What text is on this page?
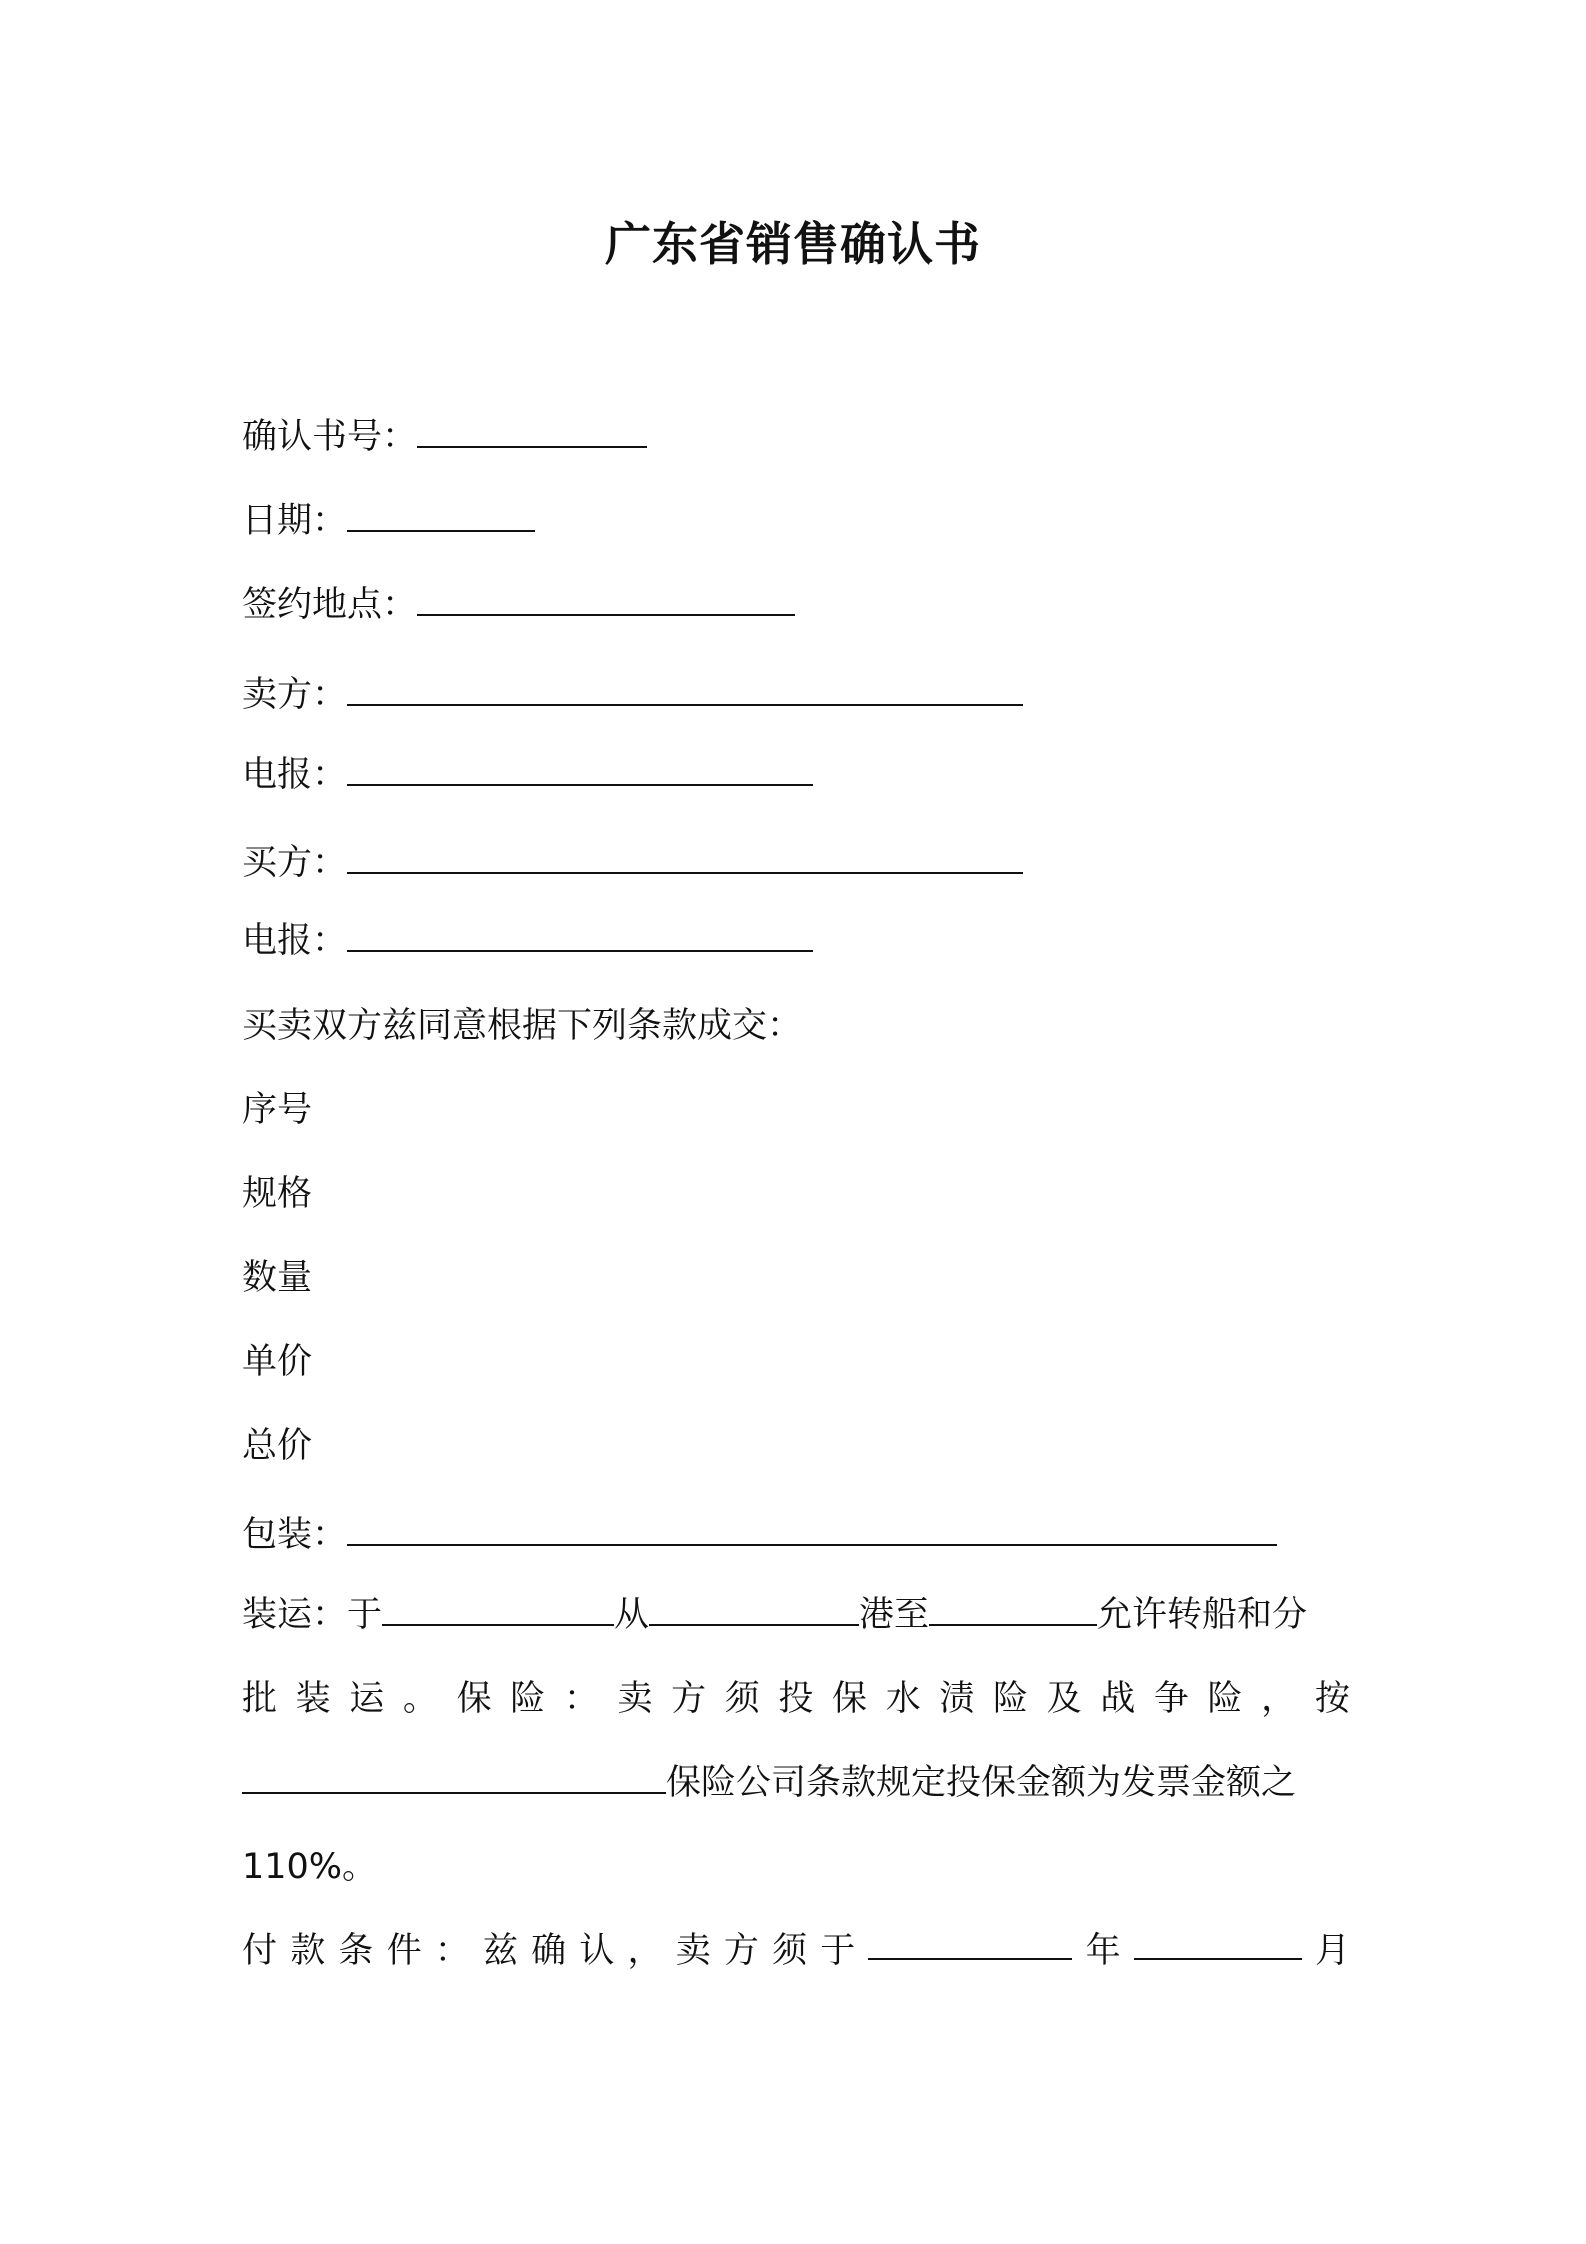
广东省销售确认书
确认书号：
日期：
签约地点：
卖方：
电报：
买方：
电报：
买卖双方兹同意根据下列条款成交：
序号
规格
数量
单价
总价
包装：
装运：于	从	港至	允许转船和分
批 装 运 。 保 险 ： 卖 方 须 投 保 水 渍 险 及 战 争 险 ， 按
保险公司条款规定投保金额为发票金额之
110%。
付 款 条 件 ： 兹 确 认 ， 卖 方 须 于	年	月
